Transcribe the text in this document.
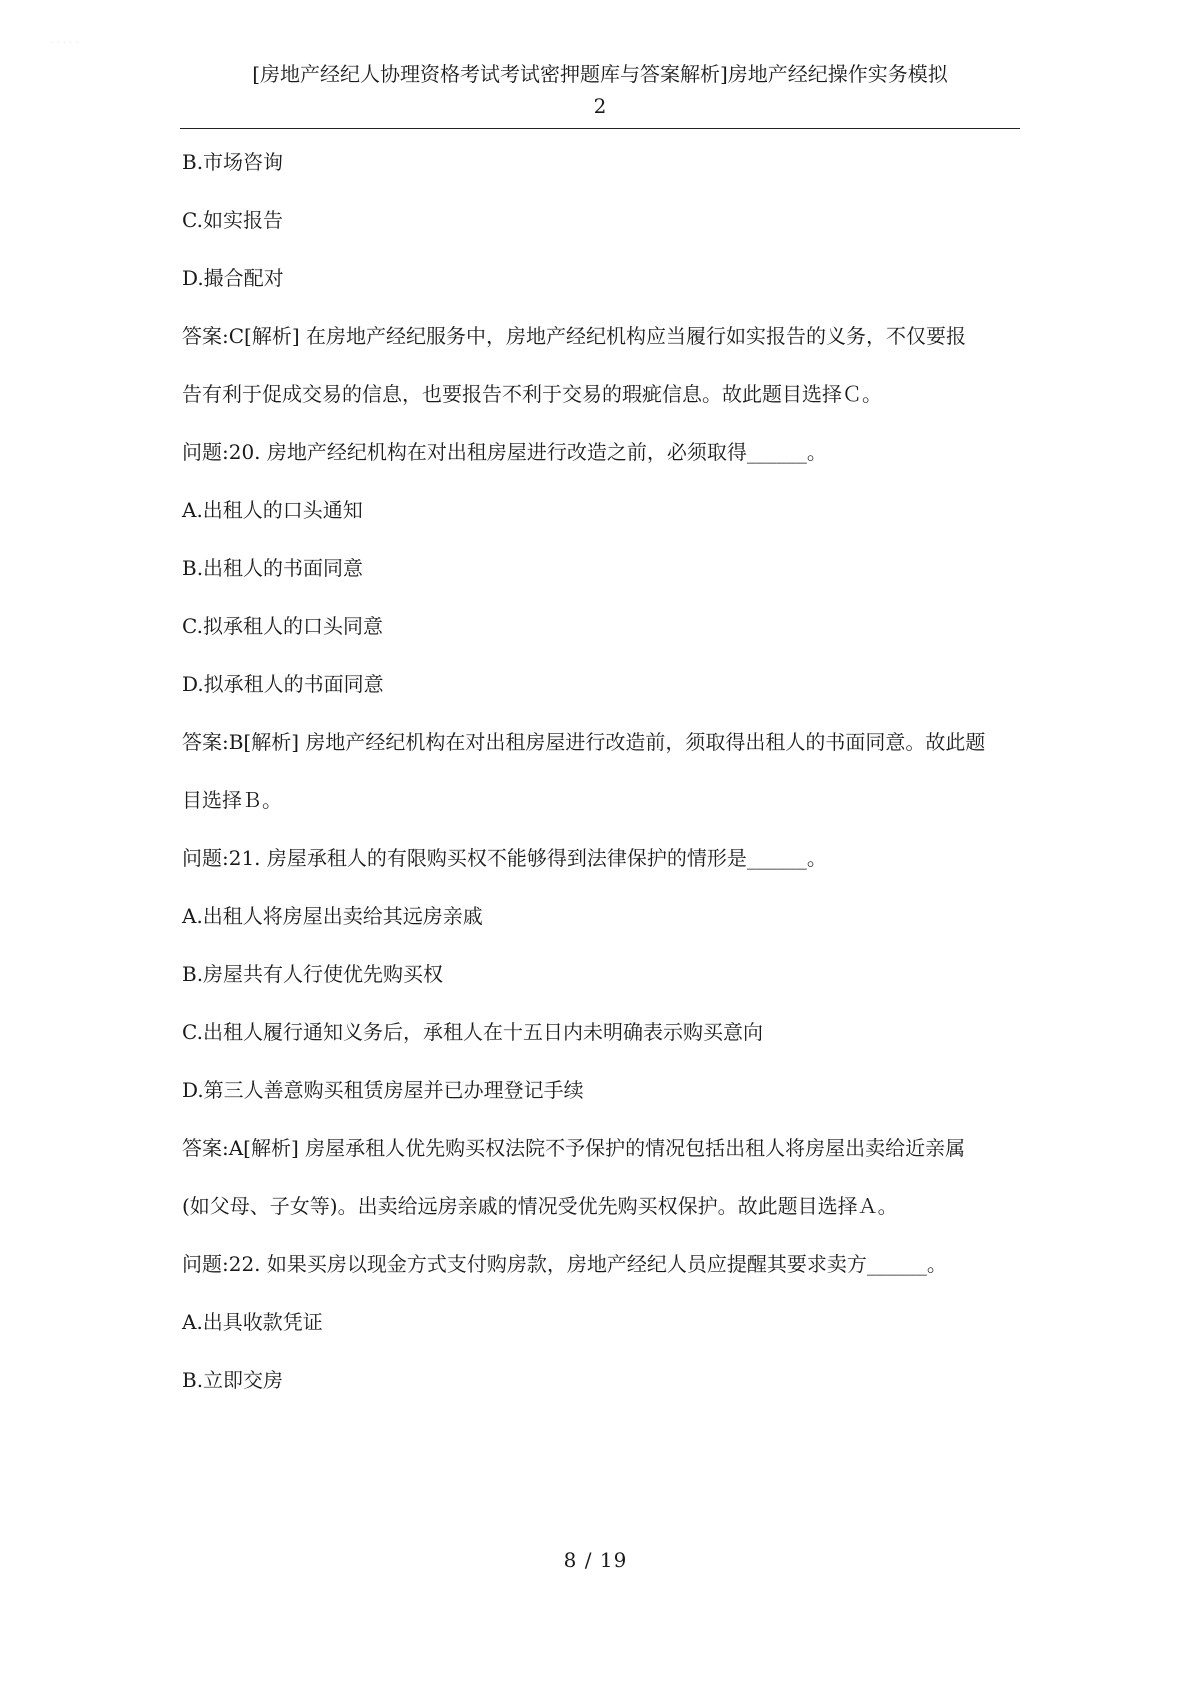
· · · · ·
[房地产经纪人协理资格考试考试密押题库与答案解析]房地产经纪操作实务模拟
2
B.市场咨询
C.如实报告
D.撮合配对
答案:C[解析] 在房地产经纪服务中，房地产经纪机构应当履行如实报告的义务，不仅要报
告有利于促成交易的信息，也要报告不利于交易的瑕疵信息。故此题目选择Ｃ。
问题:20. 房地产经纪机构在对出租房屋进行改造之前，必须取得______。
A.出租人的口头通知
B.出租人的书面同意
C.拟承租人的口头同意
D.拟承租人的书面同意
答案:B[解析] 房地产经纪机构在对出租房屋进行改造前，须取得出租人的书面同意。故此题
目选择Ｂ。
问题:21. 房屋承租人的有限购买权不能够得到法律保护的情形是______。
A.出租人将房屋出卖给其远房亲戚
B.房屋共有人行使优先购买权
C.出租人履行通知义务后，承租人在十五日内未明确表示购买意向
D.第三人善意购买租赁房屋并已办理登记手续
答案:A[解析] 房屋承租人优先购买权法院不予保护的情况包括出租人将房屋出卖给近亲属
(如父母、子女等)。出卖给远房亲戚的情况受优先购买权保护。故此题目选择Ａ。
问题:22. 如果买房以现金方式支付购房款，房地产经纪人员应提醒其要求卖方______。
A.出具收款凭证
B.立即交房
8 / 19
